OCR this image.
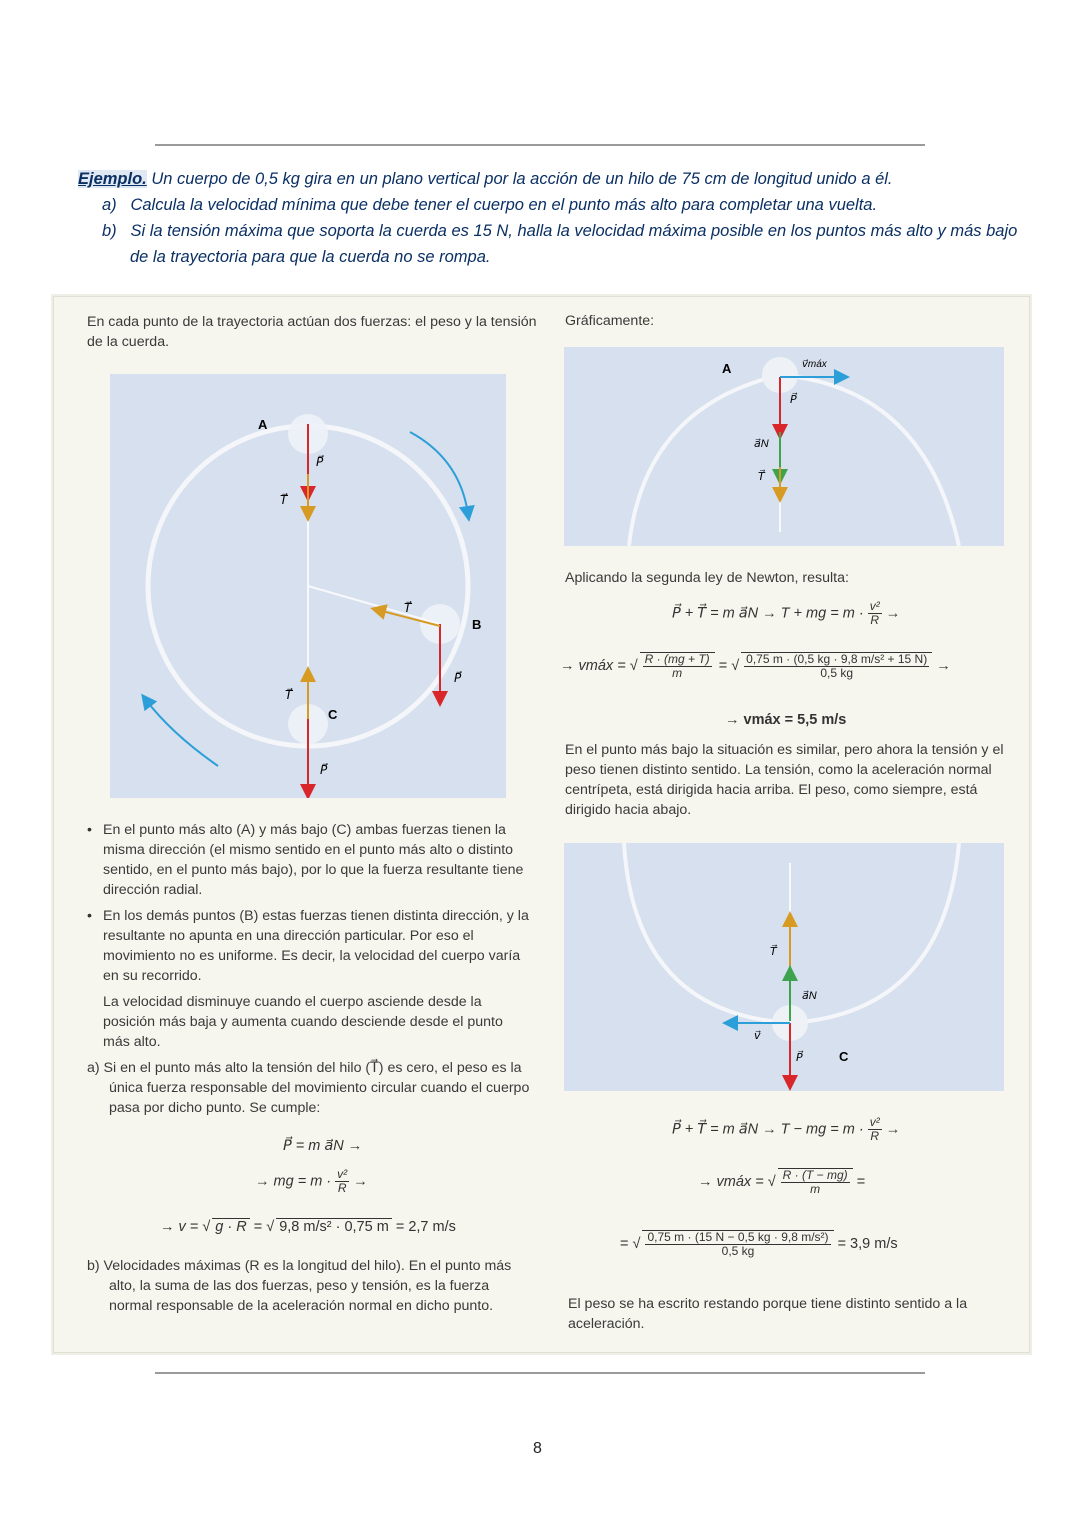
Ejemplo. Un cuerpo de 0,5 kg gira en un plano vertical por la acción de un hilo de 75 cm de longitud unido a él.
a) Calcula la velocidad mínima que debe tener el cuerpo en el punto más alto para completar una vuelta.
b) Si la tensión máxima que soporta la cuerda es 15 N, halla la velocidad máxima posible en los puntos más alto y más bajo de la trayectoria para que la cuerda no se rompa.
En cada punto de la trayectoria actúan dos fuerzas: el peso y la tensión de la cuerda.
A
B
C
P⃗
T⃗
T⃗
P⃗
T⃗
P⃗
• En el punto más alto (A) y más bajo (C) ambas fuerzas tienen la misma dirección (el mismo sentido en el punto más alto o distinto sentido, en el punto más bajo), por lo que la fuerza resultante tiene dirección radial.
• En los demás puntos (B) estas fuerzas tienen distinta dirección, y la resultante no apunta en una dirección particular. Por eso el movimiento no es uniforme. Es decir, la velocidad del cuerpo varía en su recorrido.
La velocidad disminuye cuando el cuerpo asciende desde la posición más baja y aumenta cuando desciende desde el punto más alto.
a) Si en el punto más alto la tensión del hilo (T⃗) es cero, el peso es la única fuerza responsable del movimiento circular cuando el cuerpo pasa por dicho punto. Se cumple:
P⃗ = m a⃗N →
→ mg = $m \cdot \frac{\text{v²}}{R}$ →
→ v = √ g · R = √ 9,8 m/s² · 0,75 m = 2,7 m/s
b) Velocidades máximas (R es la longitud del hilo). En el punto más alto, la suma de las dos fuerzas, peso y tensión, es la fuerza normal responsable de la aceleración normal en dicho punto.
Gráficamente:
A	v⃗máx
P⃗
a⃗N
T⃗
Aplicando la segunda ley de Newton, resulta:
P⃗ + T⃗ = m a⃗N → T + mg = $m \cdot \frac{\text{v²}}{R}$ →
→ vmáx = √ $\frac{R \cdot (mg + T)}{m}$ = √ $\frac{\text{0,75 m · (0,5 kg · 9,8 m/s² + 15 N)}}{0,5 kg}$ →
→ vmáx = 5,5 m/s
En el punto más bajo la situación es similar, pero ahora la tensión y el peso tienen distinto sentido. La tensión, como la aceleración normal centrípeta, está dirigida hacia arriba. El peso, como siempre, está dirigido hacia abajo.
T⃗
a⃗N
v⃗
P⃗	C
P⃗ + T⃗ = m a⃗N → T − mg = $m \cdot \frac{\text{v²}}{R}$ →
→ vmáx = √ $\frac{R \cdot (T - mg)}{m}$ =
= √ $\frac{\text{0,75 m · (15 N − 0,5 kg · 9,8 m/s²)}}{0,5 kg} = 3,9$ m/s
El peso se ha escrito restando porque tiene distinto sentido a la aceleración.
8
